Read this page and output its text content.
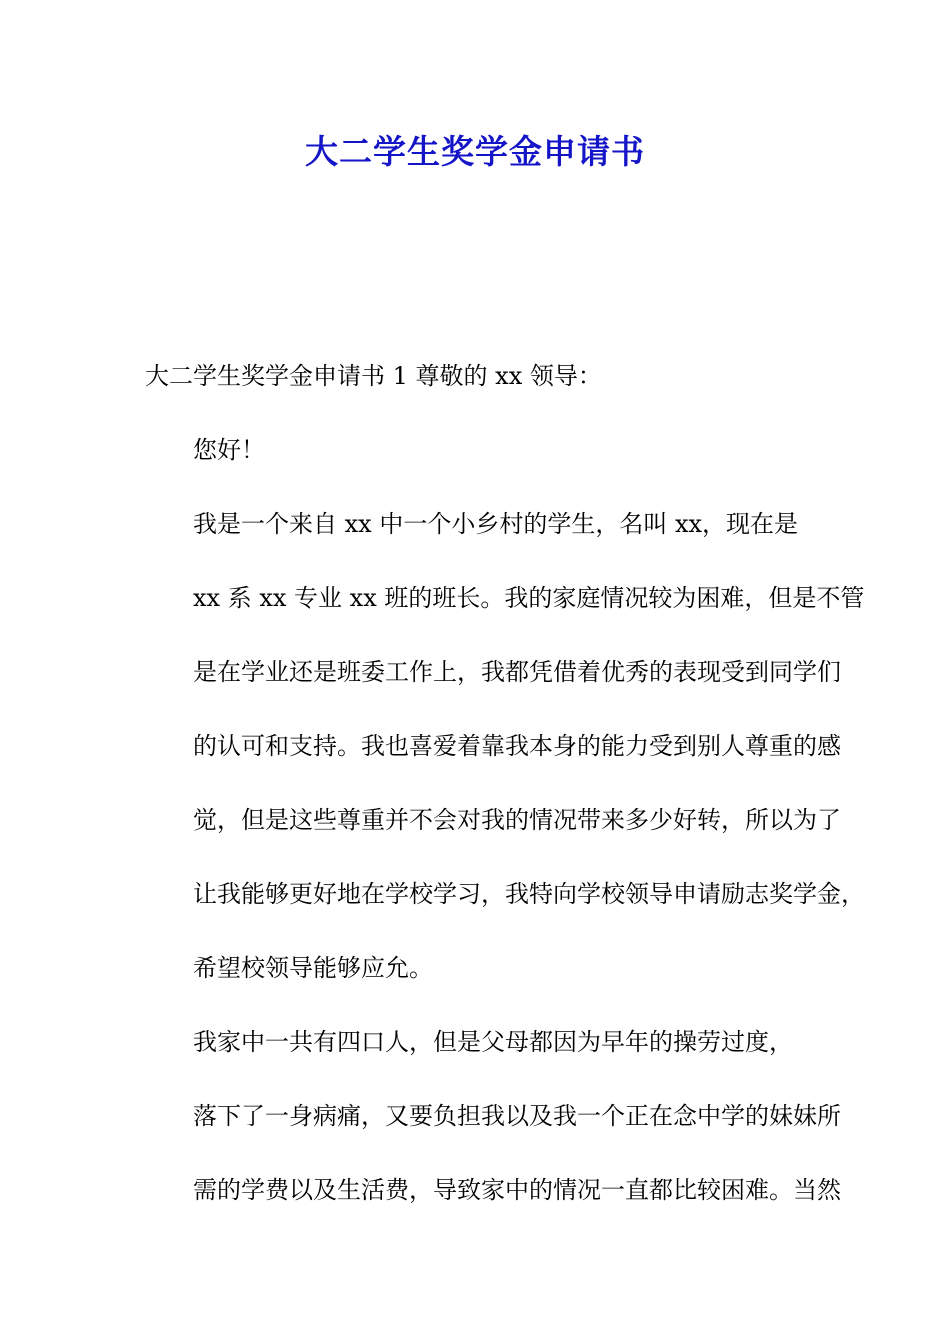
大二学生奖学金申请书

大二学生奖学金申请书 1 尊敬的 xx 领导：

您好！

我是一个来自 xx 中一个小乡村的学生，名叫 xx，现在是
xx 系 xx 专业 xx 班的班长。我的家庭情况较为困难，但是不管
是在学业还是班委工作上，我都凭借着优秀的表现受到同学们
的认可和支持。我也喜爱着靠我本身的能力受到别人尊重的感
觉，但是这些尊重并不会对我的情况带来多少好转，所以为了
让我能够更好地在学校学习，我特向学校领导申请励志奖学金，
希望校领导能够应允。

我家中一共有四口人，但是父母都因为早年的操劳过度，
落下了一身病痛，又要负担我以及我一个正在念中学的妹妹所
需的学费以及生活费，导致家中的情况一直都比较困难。当然
